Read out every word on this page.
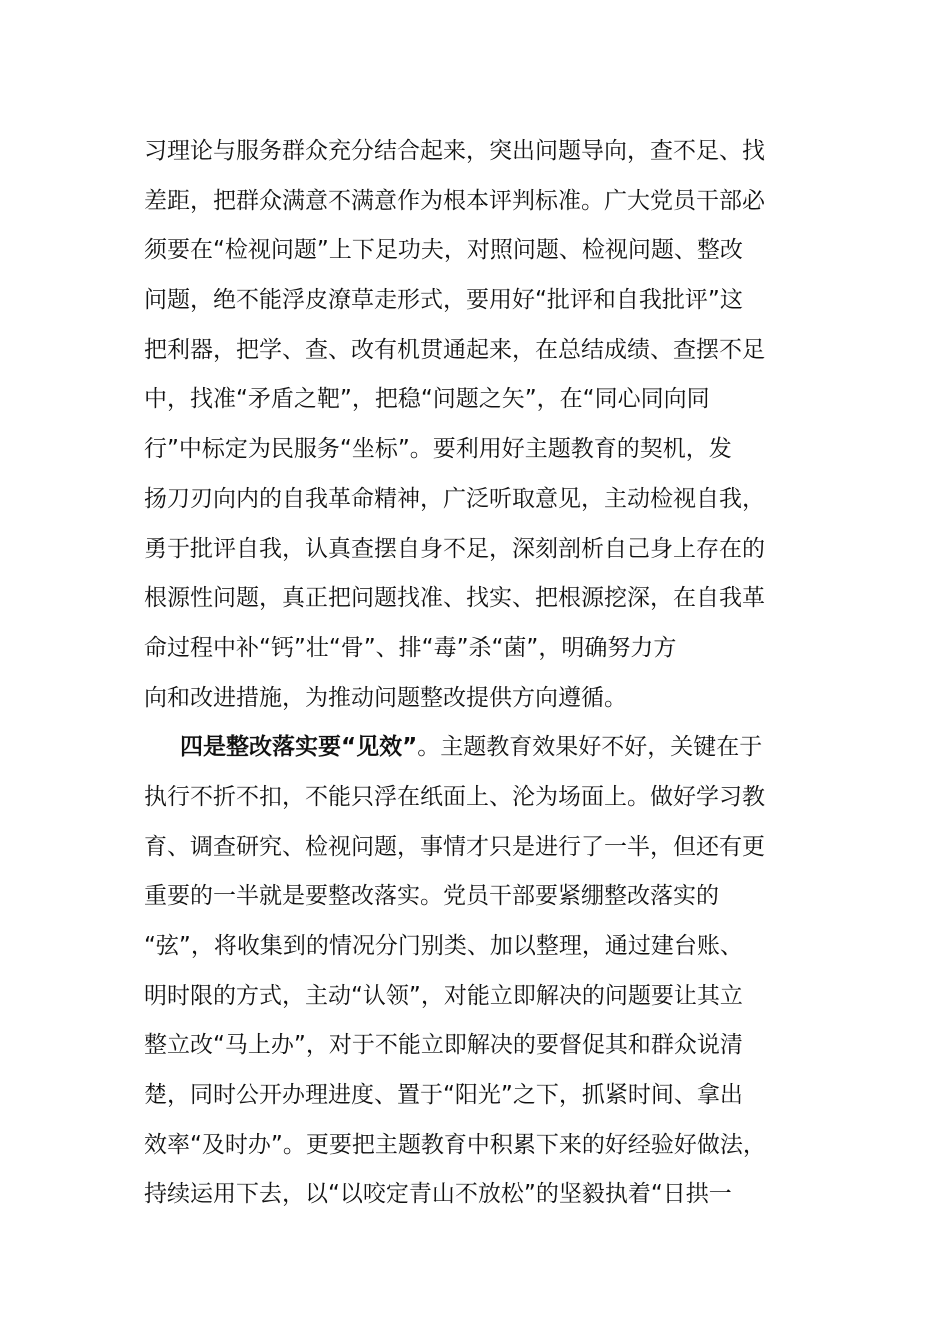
习理论与服务群众充分结合起来，突出问题导向，查不足、找
差距，把群众满意不满意作为根本评判标准。广大党员干部必
须要在“检视问题”上下足功夫，对照问题、检视问题、整改
问题，绝不能浮皮潦草走形式，要用好“批评和自我批评”这
把利器，把学、查、改有机贯通起来，在总结成绩、查摆不足
中，找准“矛盾之靶”，把稳“问题之矢”，在“同心同向同
行”中标定为民服务“坐标”。要利用好主题教育的契机，发
扬刀刃向内的自我革命精神，广泛听取意见，主动检视自我，
勇于批评自我，认真查摆自身不足，深刻剖析自己身上存在的
根源性问题，真正把问题找准、找实、把根源挖深，在自我革
命过程中补“钙”壮“骨”、排“毒”杀“菌”，明确努力方
向和改进措施，为推动问题整改提供方向遵循。
四是整改落实要“见效”。主题教育效果好不好，关键在于
执行不折不扣，不能只浮在纸面上、沦为场面上。做好学习教
育、调查研究、检视问题，事情才只是进行了一半，但还有更
重要的一半就是要整改落实。党员干部要紧绷整改落实的
“弦”，将收集到的情况分门别类、加以整理，通过建台账、
明时限的方式，主动“认领”，对能立即解决的问题要让其立
整立改“马上办”，对于不能立即解决的要督促其和群众说清
楚，同时公开办理进度、置于“阳光”之下，抓紧时间、拿出
效率“及时办”。更要把主题教育中积累下来的好经验好做法，
持续运用下去，以“以咬定青山不放松”的坚毅执着“日拱一
